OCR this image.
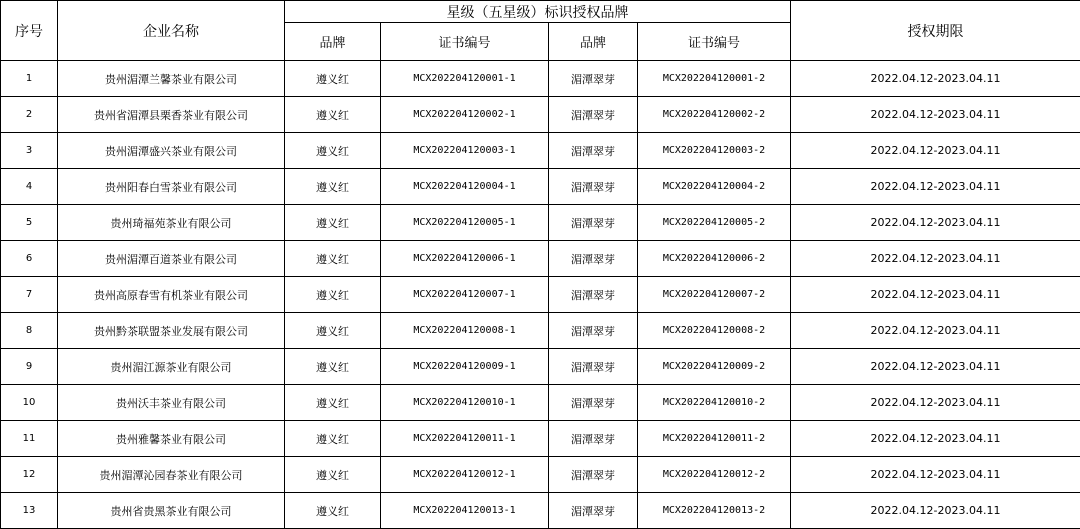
序号	企业名称	星级（五星级）标识授权品牌				授权期限
		品牌	证书编号	品牌	证书编号	
1	贵州湄潭兰馨茶业有限公司	遵义红	MCX202204120001-1	湄潭翠芽	MCX202204120001-2	2022.04.12-2023.04.11
2	贵州省湄潭县栗香茶业有限公司	遵义红	MCX202204120002-1	湄潭翠芽	MCX202204120002-2	2022.04.12-2023.04.11
3	贵州湄潭盛兴茶业有限公司	遵义红	MCX202204120003-1	湄潭翠芽	MCX202204120003-2	2022.04.12-2023.04.11
4	贵州阳春白雪茶业有限公司	遵义红	MCX202204120004-1	湄潭翠芽	MCX202204120004-2	2022.04.12-2023.04.11
5	贵州琦福苑茶业有限公司	遵义红	MCX202204120005-1	湄潭翠芽	MCX202204120005-2	2022.04.12-2023.04.11
6	贵州湄潭百道茶业有限公司	遵义红	MCX202204120006-1	湄潭翠芽	MCX202204120006-2	2022.04.12-2023.04.11
7	贵州高原春雪有机茶业有限公司	遵义红	MCX202204120007-1	湄潭翠芽	MCX202204120007-2	2022.04.12-2023.04.11
8	贵州黔茶联盟茶业发展有限公司	遵义红	MCX202204120008-1	湄潭翠芽	MCX202204120008-2	2022.04.12-2023.04.11
9	贵州湄江源茶业有限公司	遵义红	MCX202204120009-1	湄潭翠芽	MCX202204120009-2	2022.04.12-2023.04.11
10	贵州沃丰茶业有限公司	遵义红	MCX202204120010-1	湄潭翠芽	MCX202204120010-2	2022.04.12-2023.04.11
11	贵州雅馨茶业有限公司	遵义红	MCX202204120011-1	湄潭翠芽	MCX202204120011-2	2022.04.12-2023.04.11
12	贵州湄潭沁园春茶业有限公司	遵义红	MCX202204120012-1	湄潭翠芽	MCX202204120012-2	2022.04.12-2023.04.11
13	贵州省贵黑茶业有限公司	遵义红	MCX202204120013-1	湄潭翠芽	MCX202204120013-2	2022.04.12-2023.04.11
